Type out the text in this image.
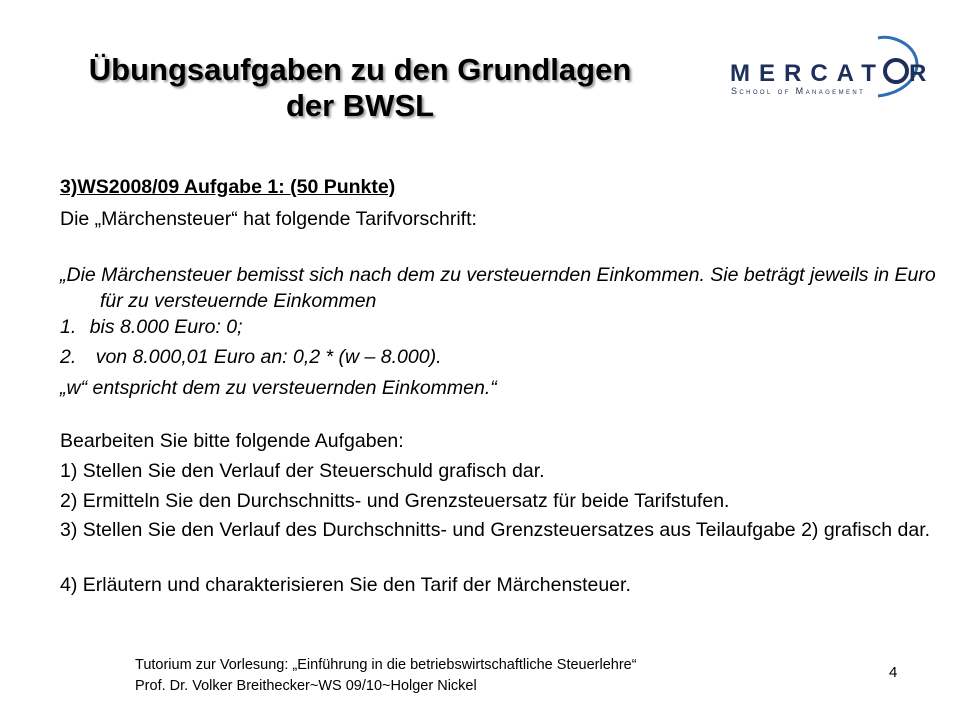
Übungsaufgaben zu den Grundlagen
der BWSL
MERCAT R
School of Management
3)WS2008/09 Aufgabe 1: (50 Punkte)
Die „Märchensteuer“ hat folgende Tarifvorschrift:
„Die Märchensteuer bemisst sich nach dem zu versteuernden Einkommen. Sie beträgt jeweils in Euro für zu versteuernde Einkommen
1. bis 8.000 Euro: 0;
2. von 8.000,01 Euro an: 0,2 * (w – 8.000).
„w“ entspricht dem zu versteuernden Einkommen.“
Bearbeiten Sie bitte folgende Aufgaben:
1) Stellen Sie den Verlauf der Steuerschuld grafisch dar.
2) Ermitteln Sie den Durchschnitts- und Grenzsteuersatz für beide Tarifstufen.
3) Stellen Sie den Verlauf des Durchschnitts- und Grenzsteuersatzes aus Teilaufgabe 2) grafisch dar.
4) Erläutern und charakterisieren Sie den Tarif der Märchensteuer.
Tutorium zur Vorlesung: „Einführung in die betriebswirtschaftliche Steuerlehre“
Prof. Dr. Volker Breithecker~WS 09/10~Holger Nickel
4
